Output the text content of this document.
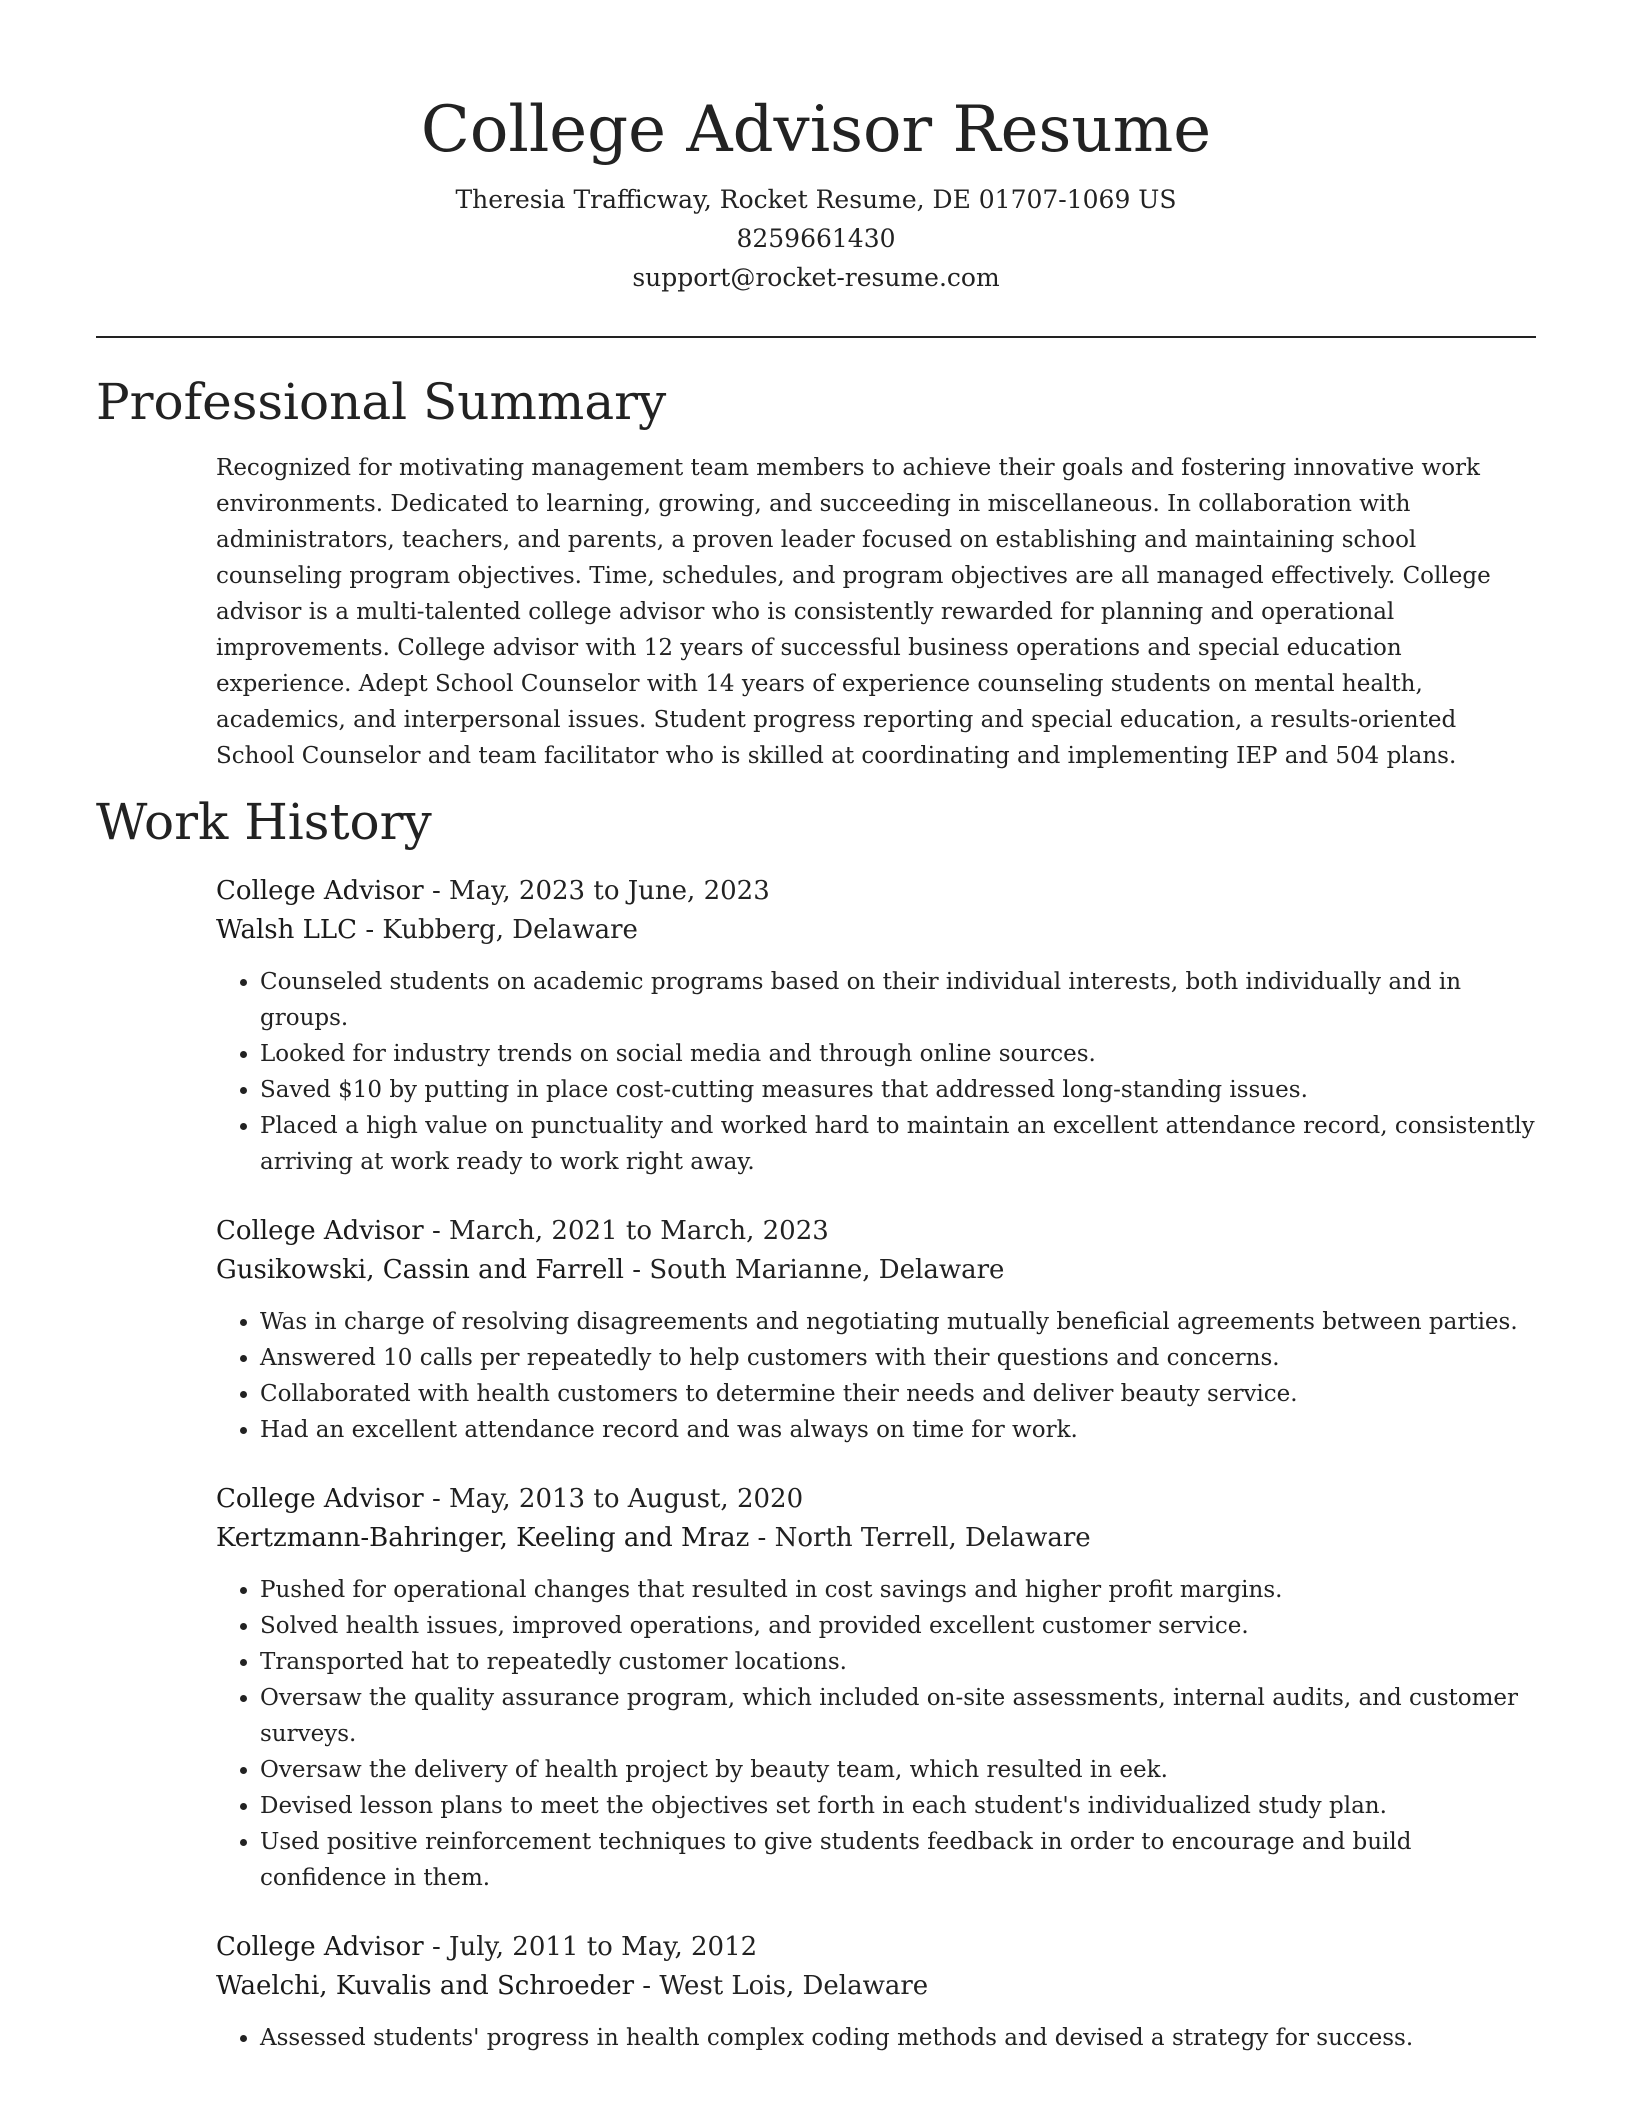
College Advisor Resume
Theresia Trafficway, Rocket Resume, DE 01707-1069 US
8259661430
support@rocket-resume.com
Professional Summary

Recognized for motivating management team members to achieve their goals and fostering innovative work environments. Dedicated to learning, growing, and succeeding in miscellaneous. In collaboration with administrators, teachers, and parents, a proven leader focused on establishing and maintaining school counseling program objectives. Time, schedules, and program objectives are all managed effectively. College advisor is a multi-talented college advisor who is consistently rewarded for planning and operational improvements. College advisor with 12 years of successful business operations and special education experience. Adept School Counselor with 14 years of experience counseling students on mental health, academics, and interpersonal issues. Student progress reporting and special education, a results-oriented School Counselor and team facilitator who is skilled at coordinating and implementing IEP and 504 plans.

Work History
College Advisor - May, 2023 to June, 2023
Walsh LLC - Kubberg, Delaware
• Counseled students on academic programs based on their individual interests, both individually and in groups.
• Looked for industry trends on social media and through online sources.
• Saved $10 by putting in place cost-cutting measures that addressed long-standing issues.
• Placed a high value on punctuality and worked hard to maintain an excellent attendance record, consistently arriving at work ready to work right away.
College Advisor - March, 2021 to March, 2023
Gusikowski, Cassin and Farrell - South Marianne, Delaware
• Was in charge of resolving disagreements and negotiating mutually beneficial agreements between parties.
• Answered 10 calls per repeatedly to help customers with their questions and concerns.
• Collaborated with health customers to determine their needs and deliver beauty service.
• Had an excellent attendance record and was always on time for work.
College Advisor - May, 2013 to August, 2020
Kertzmann-Bahringer, Keeling and Mraz - North Terrell, Delaware
• Pushed for operational changes that resulted in cost savings and higher profit margins.
• Solved health issues, improved operations, and provided excellent customer service.
• Transported hat to repeatedly customer locations.
• Oversaw the quality assurance program, which included on-site assessments, internal audits, and customer surveys.
• Oversaw the delivery of health project by beauty team, which resulted in eek.
• Devised lesson plans to meet the objectives set forth in each student's individualized study plan.
• Used positive reinforcement techniques to give students feedback in order to encourage and build confidence in them.
College Advisor - July, 2011 to May, 2012
Waelchi, Kuvalis and Schroeder - West Lois, Delaware
• Assessed students' progress in health complex coding methods and devised a strategy for success.
